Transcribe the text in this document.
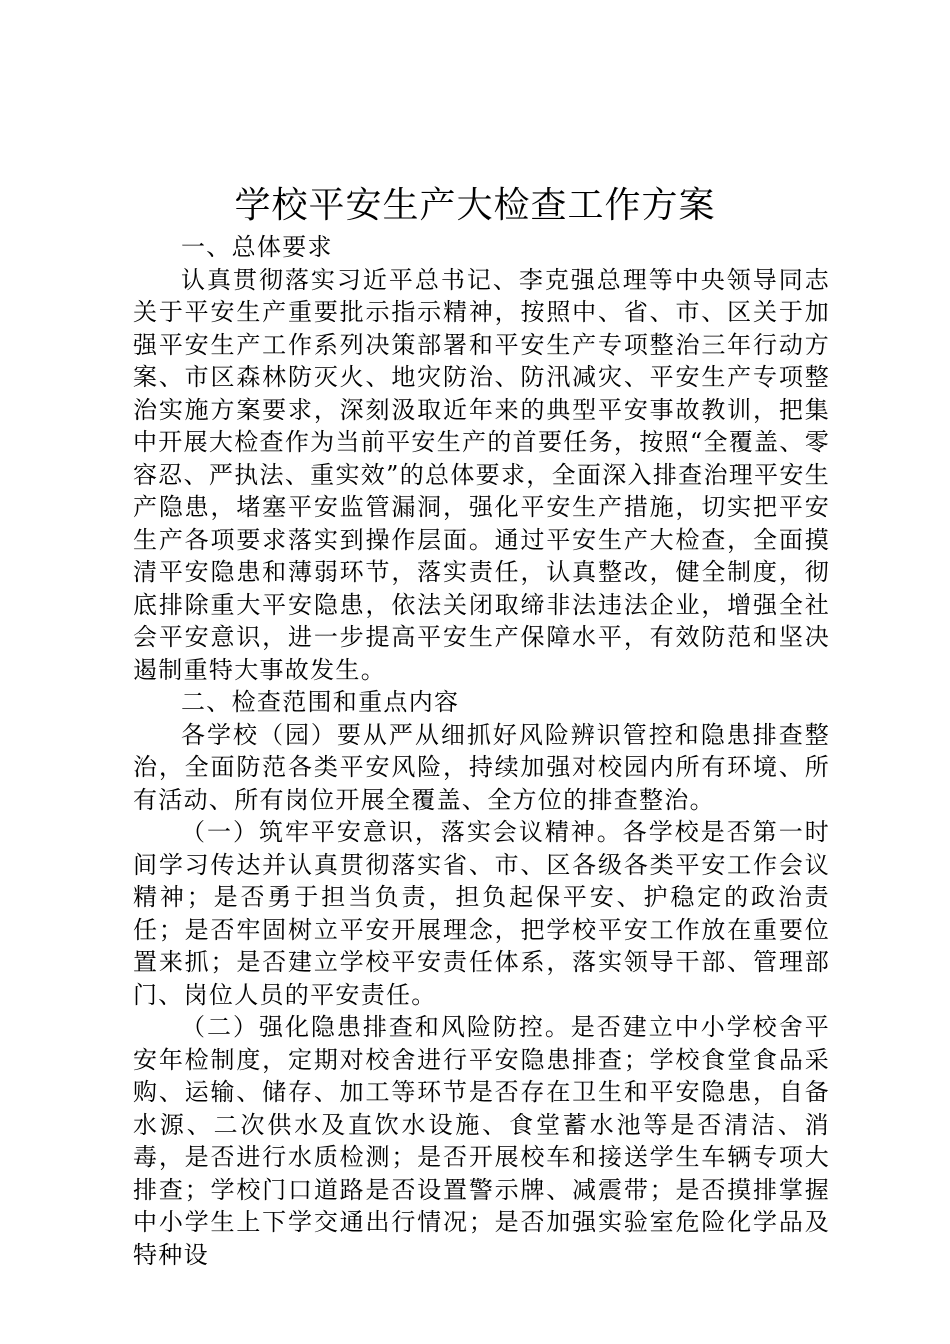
学校平安生产大检查工作方案

一、总体要求

认真贯彻落实习近平总书记、李克强总理等中央领导同志关于平安生产重要批示指示精神，按照中、省、市、区关于加强平安生产工作系列决策部署和平安生产专项整治三年行动方案、市区森林防灭火、地灾防治、防汛减灾、平安生产专项整治实施方案要求，深刻汲取近年来的典型平安事故教训，把集中开展大检查作为当前平安生产的首要任务，按照“全覆盖、零容忍、严执法、重实效”的总体要求，全面深入排查治理平安生产隐患，堵塞平安监管漏洞，强化平安生产措施，切实把平安生产各项要求落实到操作层面。通过平安生产大检查，全面摸清平安隐患和薄弱环节，落实责任，认真整改，健全制度，彻底排除重大平安隐患，依法关闭取缔非法违法企业，增强全社会平安意识，进一步提高平安生产保障水平，有效防范和坚决遏制重特大事故发生。

二、检查范围和重点内容

各学校（园）要从严从细抓好风险辨识管控和隐患排查整治，全面防范各类平安风险，持续加强对校园内所有环境、所有活动、所有岗位开展全覆盖、全方位的排查整治。

（一）筑牢平安意识，落实会议精神。各学校是否第一时间学习传达并认真贯彻落实省、市、区各级各类平安工作会议精神；是否勇于担当负责，担负起保平安、护稳定的政治责任；是否牢固树立平安开展理念，把学校平安工作放在重要位置来抓；是否建立学校平安责任体系，落实领导干部、管理部门、岗位人员的平安责任。

（二）强化隐患排查和风险防控。是否建立中小学校舍平安年检制度，定期对校舍进行平安隐患排查；学校食堂食品采购、运输、储存、加工等环节是否存在卫生和平安隐患，自备水源、二次供水及直饮水设施、食堂蓄水池等是否清洁、消毒，是否进行水质检测；是否开展校车和接送学生车辆专项大排查；学校门口道路是否设置警示牌、减震带；是否摸排掌握中小学生上下学交通出行情况；是否加强实验室危险化学品及特种设
